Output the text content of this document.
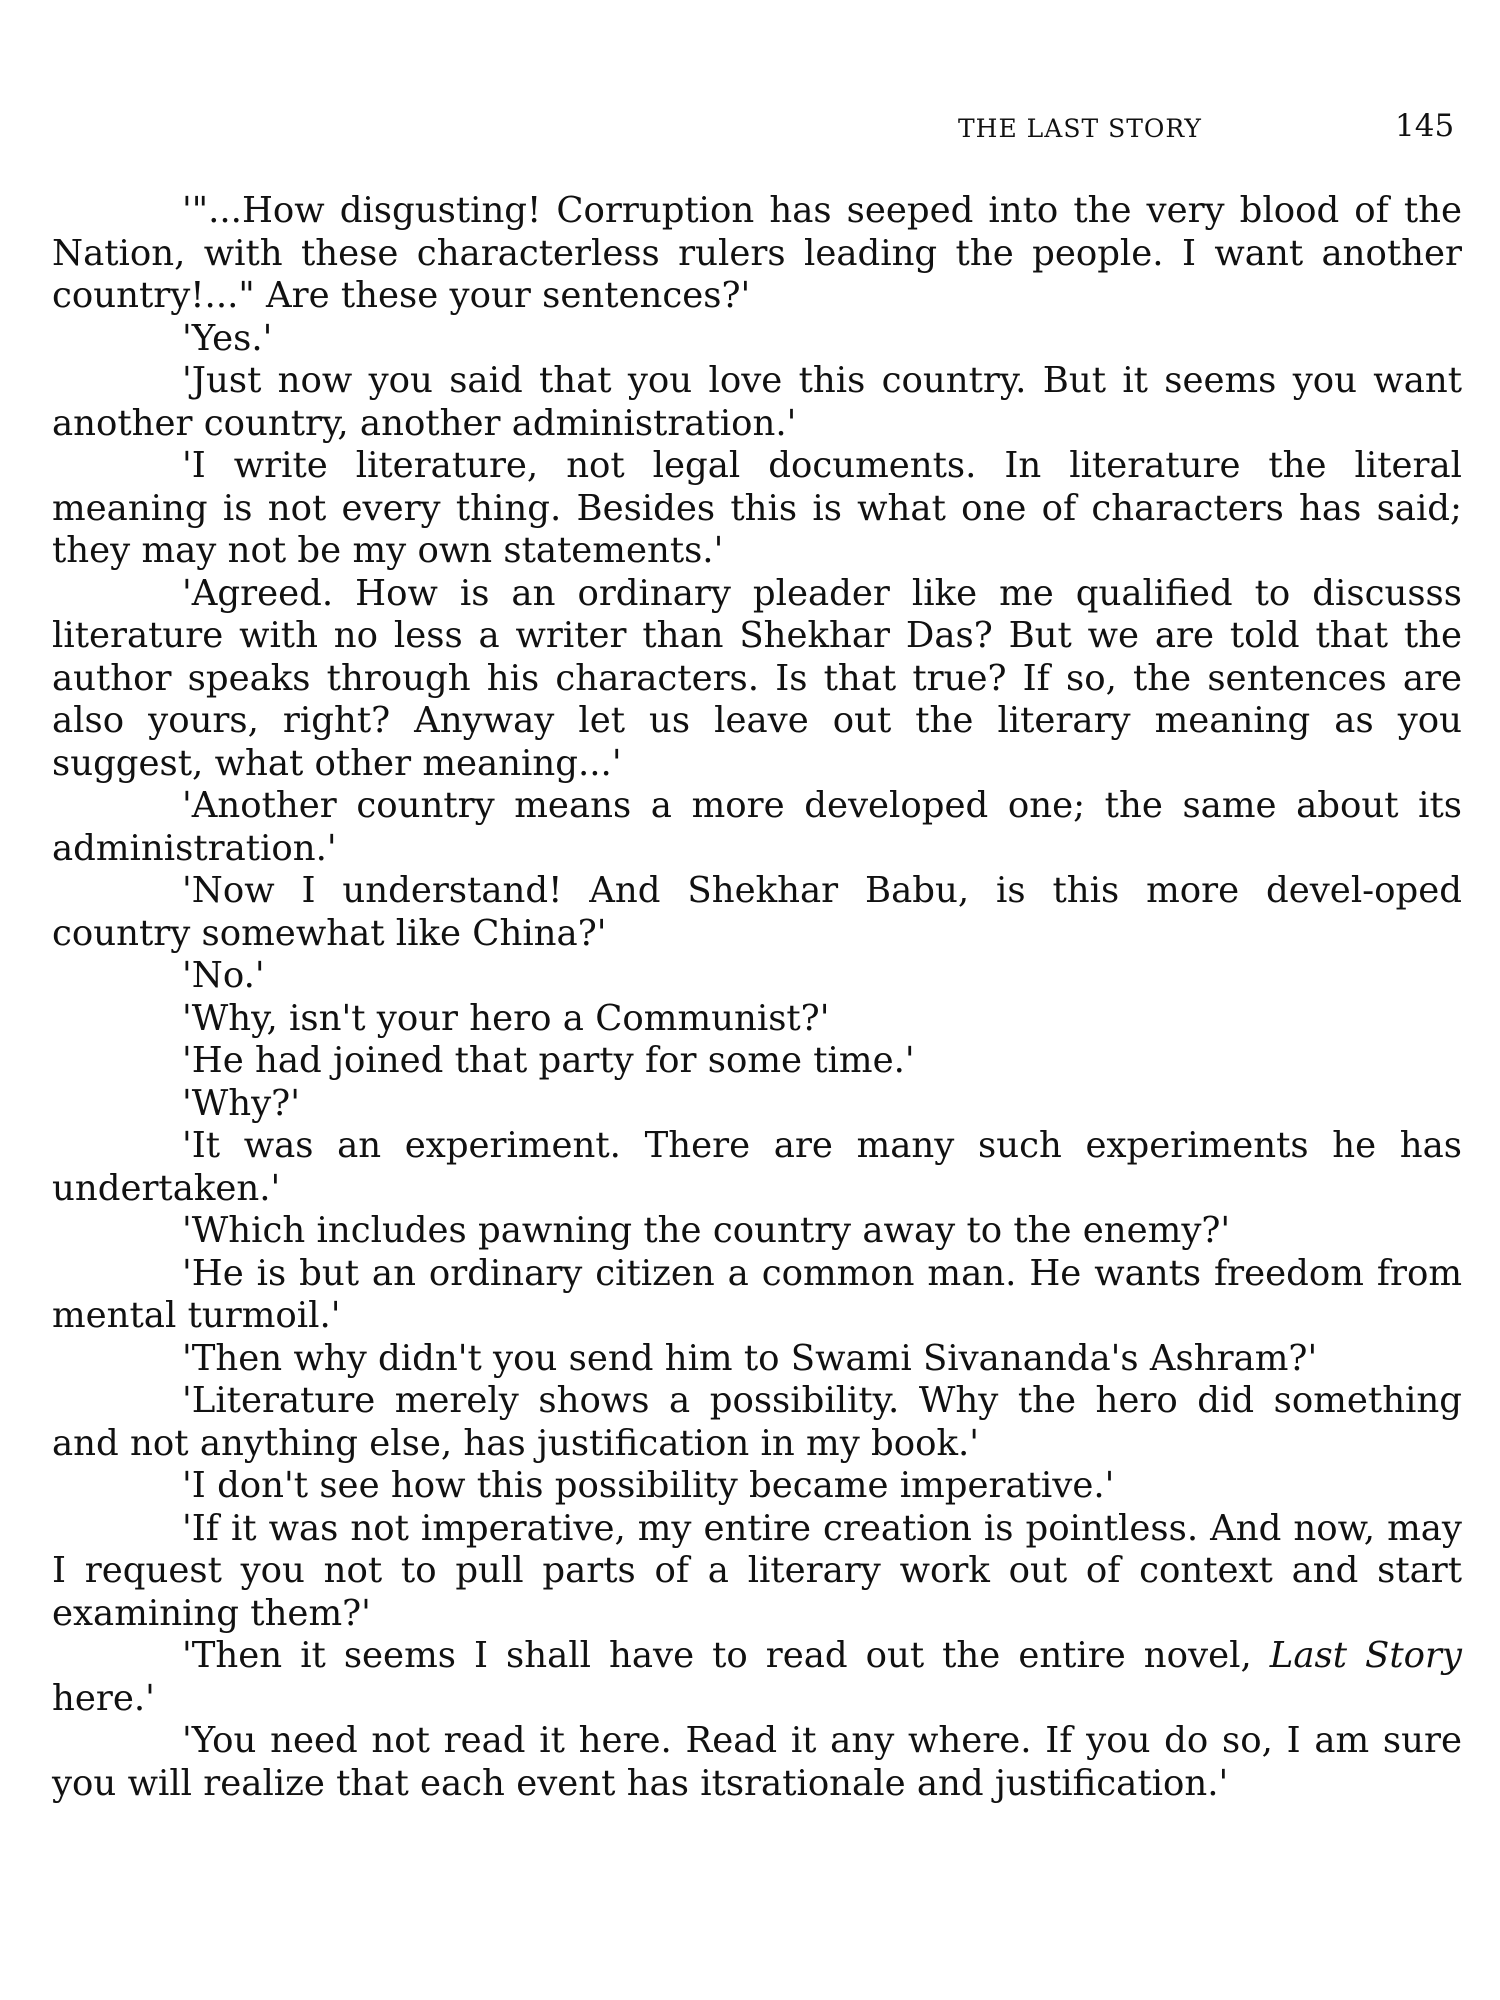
THE LAST STORY	145

'"...How disgusting! Corruption has seeped into the very blood of the Nation, with these characterless rulers leading the people. I want another country!..." Are these your sentences?'

'Yes.'

'Just now you said that you love this country. But it seems you want another country, another administration.'

'I write literature, not legal documents. In literature the literal meaning is not every thing. Besides this is what one of characters has said; they may not be my own statements.'

'Agreed. How is an ordinary pleader like me qualified to discusss literature with no less a writer than Shekhar Das? But we are told that the author speaks through his characters. Is that true? If so, the sentences are also yours, right? Anyway let us leave out the literary meaning as you suggest, what other meaning...'

'Another country means a more developed one; the same about its administration.'

'Now I understand! And Shekhar Babu, is this more devel-oped country somewhat like China?'

'No.'

'Why, isn't your hero a Communist?'

'He had joined that party for some time.'

'Why?'

'It was an experiment. There are many such experiments he has undertaken.'

'Which includes pawning the country away to the enemy?'

'He is but an ordinary citizen a common man. He wants freedom from mental turmoil.'

'Then why didn't you send him to Swami Sivananda's Ashram?'

'Literature merely shows a possibility. Why the hero did something and not anything else, has justification in my book.'

'I don't see how this possibility became imperative.'

'If it was not imperative, my entire creation is pointless. And now, may I request you not to pull parts of a literary work out of context and start examining them?'

'Then it seems I shall have to read out the entire novel, Last Story here.'

'You need not read it here. Read it any where. If you do so, I am sure you will realize that each event has itsrationale and justification.'
